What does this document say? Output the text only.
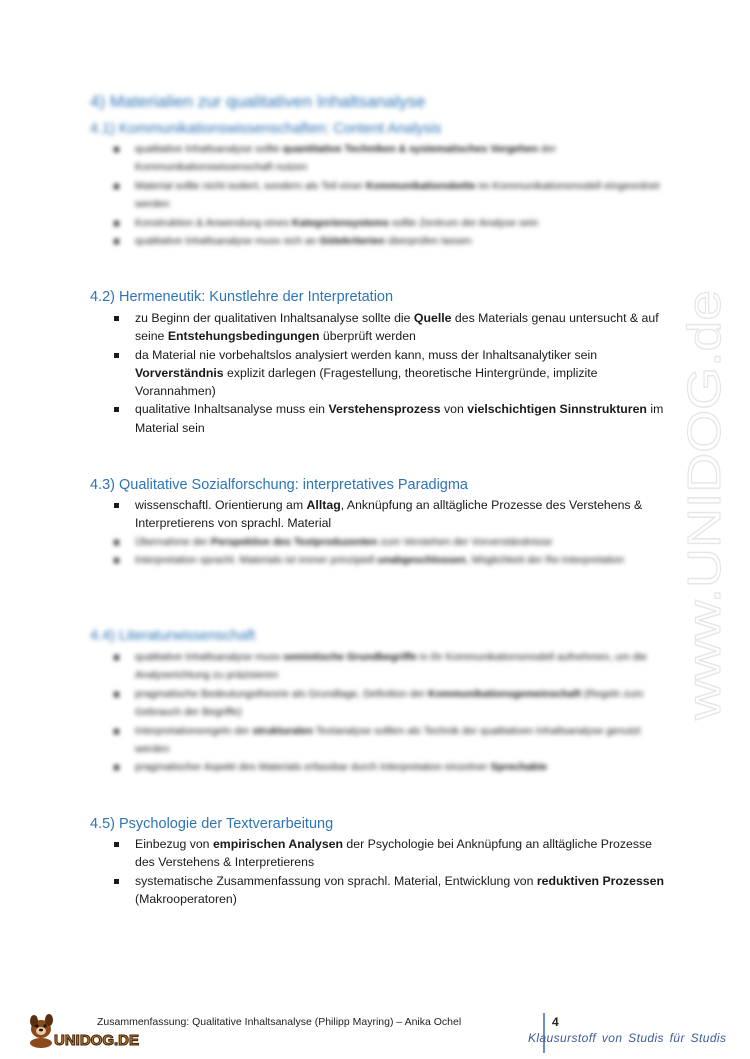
www.UNIDOG.de
4) Materialien zur qualitativen Inhaltsanalyse
4.1) Kommunikationswissenschaften: Content Analysis
qualitative Inhaltsanalyse sollte quantitative Techniken & systematisches Vorgehen der Kommunikationswissenschaft nutzen
Material sollte nicht isoliert, sondern als Teil einer Kommunikationskette im Kommunikationsmodell eingeordnet werden
Konstruktion & Anwendung eines Kategoriensystems sollte Zentrum der Analyse sein
qualitative Inhaltsanalyse muss sich an Gütekriterien überprüfen lassen
4.2) Hermeneutik: Kunstlehre der Interpretation
zu Beginn der qualitativen Inhaltsanalyse sollte die Quelle des Materials genau untersucht & auf seine Entstehungsbedingungen überprüft werden
da Material nie vorbehaltslos analysiert werden kann, muss der Inhaltsanalytiker sein Vorverständnis explizit darlegen (Fragestellung, theoretische Hintergründe, implizite Vorannahmen)
qualitative Inhaltsanalyse muss ein Verstehensprozess von vielschichtigen Sinnstrukturen im Material sein
4.3) Qualitative Sozialforschung: interpretatives Paradigma
wissenschaftl. Orientierung am Alltag, Anknüpfung an alltägliche Prozesse des Verstehens & Interpretierens von sprachl. Material
Übernahme der Perspektive des Textproduzenten zum Verstehen der Vorverständnisse
Interpretation sprachl. Materials ist immer prinzipiell unabgeschlossen, Möglichkeit der Re-Interpretation
4.4) Literaturwissenschaft
qualitative Inhaltsanalyse muss semiotische Grundbegriffe in ihr Kommunikationsmodell aufnehmen, um die Analyserichtung zu präzisieren
pragmatische Bedeutungstheorie als Grundlage, Definition der Kommunikationsgemeinschaft (Regeln zum Gebrauch der Begriffe)
Interpretationsregeln der strukturalen Textanalyse sollten als Technik der qualitativen Inhaltsanalyse genutzt werden
pragmatischer Aspekt des Materials erfassbar durch Interpretation einzelner Sprechakte
4.5) Psychologie der Textverarbeitung
Einbezug von empirischen Analysen der Psychologie bei Anknüpfung an alltägliche Prozesse des Verstehens & Interpretierens
systematische Zusammenfassung von sprachl. Material, Entwicklung von reduktiven Prozessen (Makrooperatoren)
UNIDOG.DE
Zusammenfassung: Qualitative Inhaltsanalyse (Philipp Mayring) – Anika Ochel	4
Klausurstoff von Studis für Studis
